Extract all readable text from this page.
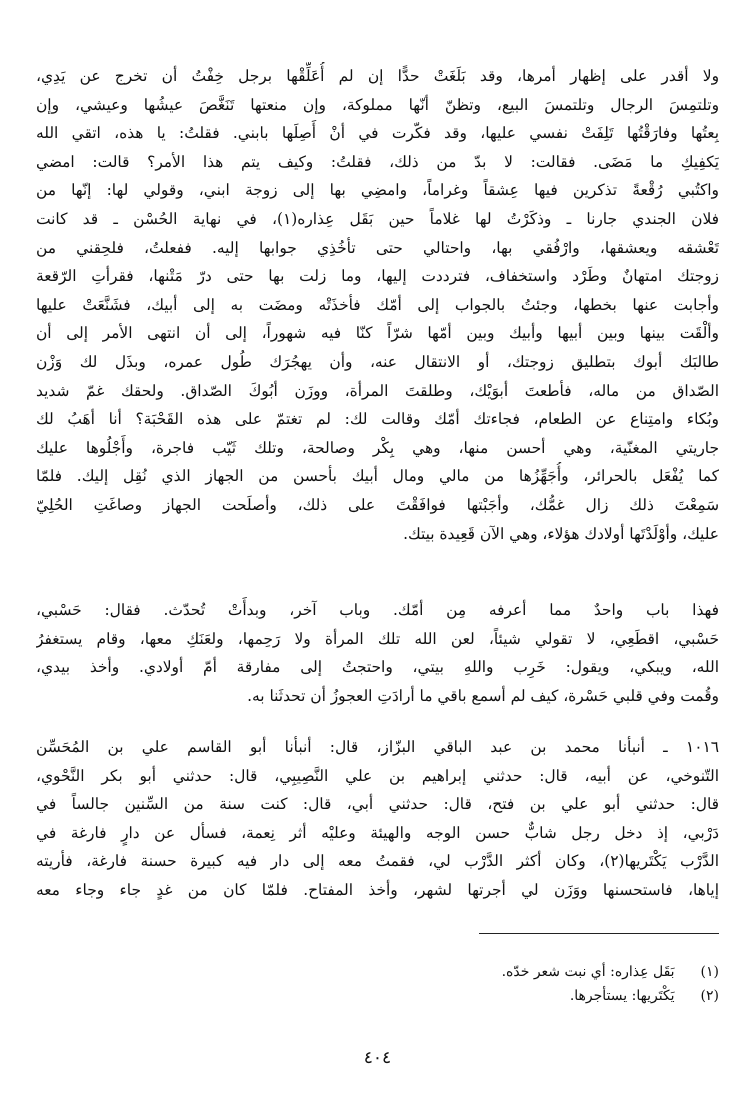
ولا أقدر على إظهار أمرها، وقد بَلَغَتْ حدًّا إن لم أُعَلِّقْها برجل خِفْتُ أن تخرج عن يَدِي،
وتلتمِسَ الرجال وتلتمسَ البيع، وتظنّ أنّها مملوكة، وإن منعتها تَنَغَّصَ عيشُها وعيشي، وإن
بِعتُها وفارَقْتُها تَلِفَتْ نفسي عليها، وقد فكّرت في أنْ أَصِلَها بابني. فقلتُ: يا هذه، اتقي الله
يَكفِيكِ ما مَضَى. فقالت: لا بدّ من ذلك، فقلتُ: وكيف يتم هذا الأمر؟ قالت: امضي
واكتُبي رُقْعةً تذكرين فيها عِشقاً وغراماً، وامضِي بها إلى زوجة ابني، وقولي لها: إنّها من
فلان الجندي جارنا ـ وذكَرْتُ لها غلاماً حين بَقَل عِذاره(١)، في نهاية الحُسْن ـ قد كانت
تَعْشقه ويعشقها، وارْفُقي بها، واحتالي حتى تأخُذِي جوابها إليه. ففعلتُ، فلحِقني من
زوجتك امتهانٌ وطَرْد واستخفاف، فترددت إليها، وما زلت بها حتى درّ مَتْنها، فقرأتِ الرّقعة
وأجابت عنها بخطها، وجئتُ بالجواب إلى أمّك فأخذَتْه ومضَت به إلى أبيك، فشَنَّعَتْ عليها
وألْقَت بينها وبين أبيها وأبيك وبين أمّها شرّاً كنّا فيه شهوراً، إلى أن انتهى الأمر إلى أن
طالبَك أبوك بتطليق زوجتك، أو الانتقال عنه، وأن يهجُرَك طُول عمره، وبذَل لك وَزْن
الصّداق من ماله، فأطعتَ أبوَيْك، وطلقتَ المرأة، ووزَن أبُوكَ الصّداق. ولحقك غمّ شديد
وبُكاء وامتِناع عن الطعام، فجاءتك أمّك وقالت لك: لم تغتمّ على هذه القَحْبَة؟ أنا أهَبُ لك
جاريتي المغنّية، وهي أحسن منها، وهي بِكْر وصالحة، وتلك ثَيّب فاجرة، وأَجْلُوها عليك
كما يُفْعَل بالحرائر، وأُجَهِّزُها من مالي ومال أبيك بأحسن من الجهاز الذي نُقِل إليك. فلمّا
سَمِعْتَ ذلك زال غمُّك، وأجَبْتها فوافَقْتَ على ذلك، وأصلَحت الجهاز وصاغَتِ الحُلِيّ
عليك، وأوْلَدْتَها أولادك هؤلاء، وهي الآن قَعِيدة بيتك.
فهذا باب واحدٌ مما أعرفه مِن أمّك. وباب آخر، وبدأَتْ تُحدّث. فقال: حَسْبي،
حَسْبي، اقطَعِي، لا تقولي شيئاً، لعن الله تلك المرأة ولا رَحِمها، ولعَنَكِ معها، وقام يستغفرُ
الله، ويبكي، ويقول: خَرِب واللهِ بيتي، واحتجتُ إلى مفارقة أمّ أولادي. وأخذ بيدي،
وقُمت وفي قلبي حَسْرة، كيف لم أسمع باقي ما أرادَتِ العجوزُ أن تحدثَنا به.
١٠١٦ ـ أنبأنا محمد بن عبد الباقي البزّاز، قال: أنبأنا أبو القاسم علي بن المُحَسِّن
التّنوخي، عن أبيه، قال: حدثني إبراهيم بن علي النَّصِيبِي، قال: حدثني أبو بكر النَّحْوي،
قال: حدثني أبو علي بن فتح، قال: حدثني أبي، قال: كنت سنة من السِّنين جالساً في
دَرْبي، إذ دخل رجل شابٌّ حسن الوجه والهيئة وعليْه أثر نِعمة، فسأل عن دارٍ فارغة في
الدَّرْب يَكْتَريها(٢)، وكان أكثر الدَّرْب لي، فقمتُ معه إلى دار فيه كبيرة حسنة فارغة، فأريته
إياها، فاستحسنها ووَزَن لي أجرتها لشهر، وأخذ المفتاح. فلمّا كان من غدٍ جاء وجاء معه
(١) بَقَل عِذاره: أي نبت شعر خدّه.
(٢) يَكْتَريها: يستأجرها.
٤٠٤
